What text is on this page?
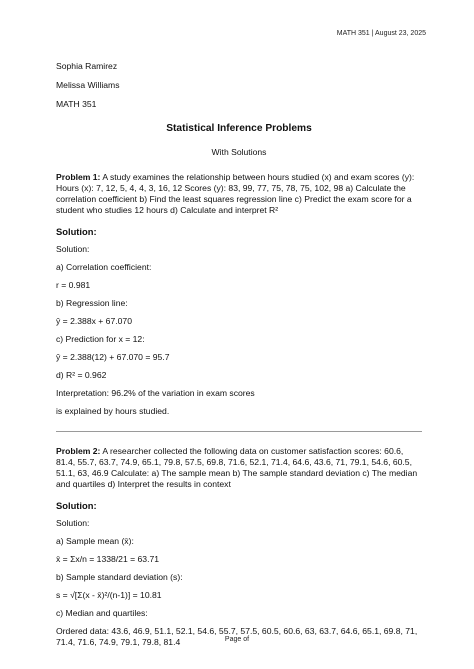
MATH 351 | August 23, 2025
Sophia Ramirez
Melissa Williams
MATH 351
Statistical Inference Problems
With Solutions
Problem 1: A study examines the relationship between hours studied (x) and exam scores (y): Hours (x): 7, 12, 5, 4, 4, 3, 16, 12 Scores (y): 83, 99, 77, 75, 78, 75, 102, 98 a) Calculate the correlation coefficient b) Find the least squares regression line c) Predict the exam score for a student who studies 12 hours d) Calculate and interpret R²
Solution:
Solution:
a) Correlation coefficient:
r = 0.981
b) Regression line:
ŷ = 2.388x + 67.070
c) Prediction for x = 12:
ŷ = 2.388(12) + 67.070 = 95.7
d) R² = 0.962
Interpretation: 96.2% of the variation in exam scores
is explained by hours studied.
Problem 2: A researcher collected the following data on customer satisfaction scores: 60.6, 81.4, 55.7, 63.7, 74.9, 65.1, 79.8, 57.5, 69.8, 71.6, 52.1, 71.4, 64.6, 43.6, 71, 79.1, 54.6, 60.5, 51.1, 63, 46.9 Calculate: a) The sample mean b) The sample standard deviation c) The median and quartiles d) Interpret the results in context
Solution:
Solution:
a) Sample mean (x̄):
x̄ = Σx/n = 1338/21 = 63.71
b) Sample standard deviation (s):
s = √[Σ(x - x̄)²/(n-1)] = 10.81
c) Median and quartiles:
Ordered data: 43.6, 46.9, 51.1, 52.1, 54.6, 55.7, 57.5, 60.5, 60.6, 63, 63.7, 64.6, 65.1, 69.8, 71, 71.4, 71.6, 74.9, 79.1, 79.8, 81.4	Page of
